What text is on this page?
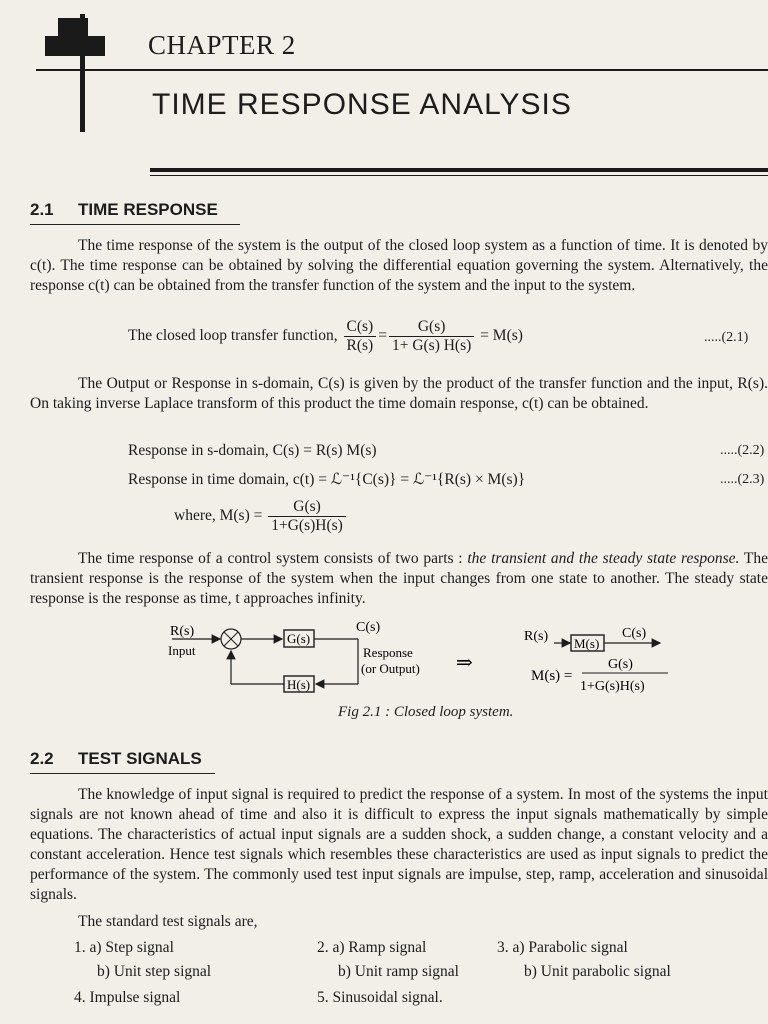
CHAPTER 2
TIME RESPONSE ANALYSIS
2.1 TIME RESPONSE
The time response of the system is the output of the closed loop system as a function of time. It is denoted by c(t). The time response can be obtained by solving the differential equation governing the system. Alternatively, the response c(t) can be obtained from the transfer function of the system and the input to the system.
The closed loop transfer function, $\frac{C(s)}{R(s)} = \frac{G(s)}{1+ G(s) H(s)} = M(s)$	.....(2.1)
The Output or Response in s-domain, C(s) is given by the product of the transfer function and the input, R(s). On taking inverse Laplace transform of this product the time domain response, c(t) can be obtained.
Response in s-domain, C(s) = R(s) M(s)	.....(2.2)
Response in time domain, c(t) = ℒ⁻¹{C(s)} = ℒ⁻¹{R(s) × M(s)}	.....(2.3)
where, $M(s) = \frac{G(s)}{1+G(s)H(s)}$
The time response of a control system consists of two parts : the transient and the steady state response. The transient response is the response of the system when the input changes from one state to another. The steady state response is the response as time, t approaches infinity.
R(s)
Input
G(s)
C(s)
Response
(or Output)
H(s)
⇒
R(s) M(s)
C(s)
M(s) =
G(s)
1+G(s)H(s)
Fig 2.1 : Closed loop system.
2.2 TEST SIGNALS
The knowledge of input signal is required to predict the response of a system. In most of the systems the input signals are not known ahead of time and also it is difficult to express the input signals mathematically by simple equations. The characteristics of actual input signals are a sudden shock, a sudden change, a constant velocity and a constant acceleration. Hence test signals which resembles these characteristics are used as input signals to predict the performance of the system. The commonly used test input signals are impulse, step, ramp, acceleration and sinusoidal signals.
The standard test signals are,
1. a) Step signal
b) Unit step signal
2. a) Ramp signal
b) Unit ramp signal
3. a) Parabolic signal
b) Unit parabolic signal
4. Impulse signal	5. Sinusoidal signal.
